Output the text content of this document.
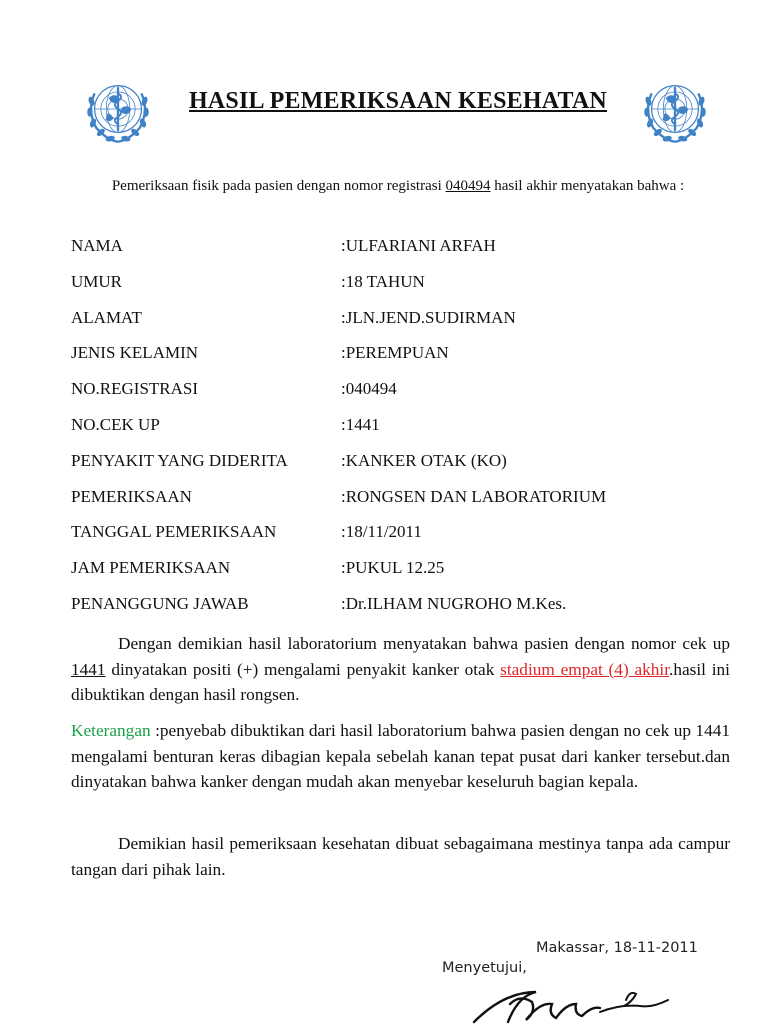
HASIL PEMERIKSAAN KESEHATAN
Pemeriksaan fisik pada pasien dengan nomor registrasi 040494 hasil akhir menyatakan bahwa :
NAMA	:ULFARIANI ARFAH
UMUR	:18 TAHUN
ALAMAT	:JLN.JEND.SUDIRMAN
JENIS KELAMIN	:PEREMPUAN
NO.REGISTRASI	:040494
NO.CEK UP	:1441
PENYAKIT YANG DIDERITA	:KANKER OTAK (KO)
PEMERIKSAAN	:RONGSEN DAN LABORATORIUM
TANGGAL PEMERIKSAAN	:18/11/2011
JAM PEMERIKSAAN	:PUKUL 12.25
PENANGGUNG JAWAB	:Dr.ILHAM NUGROHO M.Kes.
Dengan demikian hasil laboratorium menyatakan bahwa pasien dengan nomor cek up 1441 dinyatakan positi (+) mengalami penyakit kanker otak stadium empat (4) akhir.hasil ini dibuktikan dengan hasil rongsen.
Keterangan :penyebab dibuktikan dari hasil laboratorium bahwa pasien dengan no cek up 1441 mengalami benturan keras dibagian kepala sebelah kanan tepat pusat dari kanker tersebut.dan dinyatakan bahwa kanker dengan mudah akan menyebar keseluruh bagian kepala.
Demikian hasil pemeriksaan kesehatan dibuat sebagaimana mestinya tanpa ada campur tangan dari pihak lain.
Makassar, 18-11-2011
Menyetujui,
